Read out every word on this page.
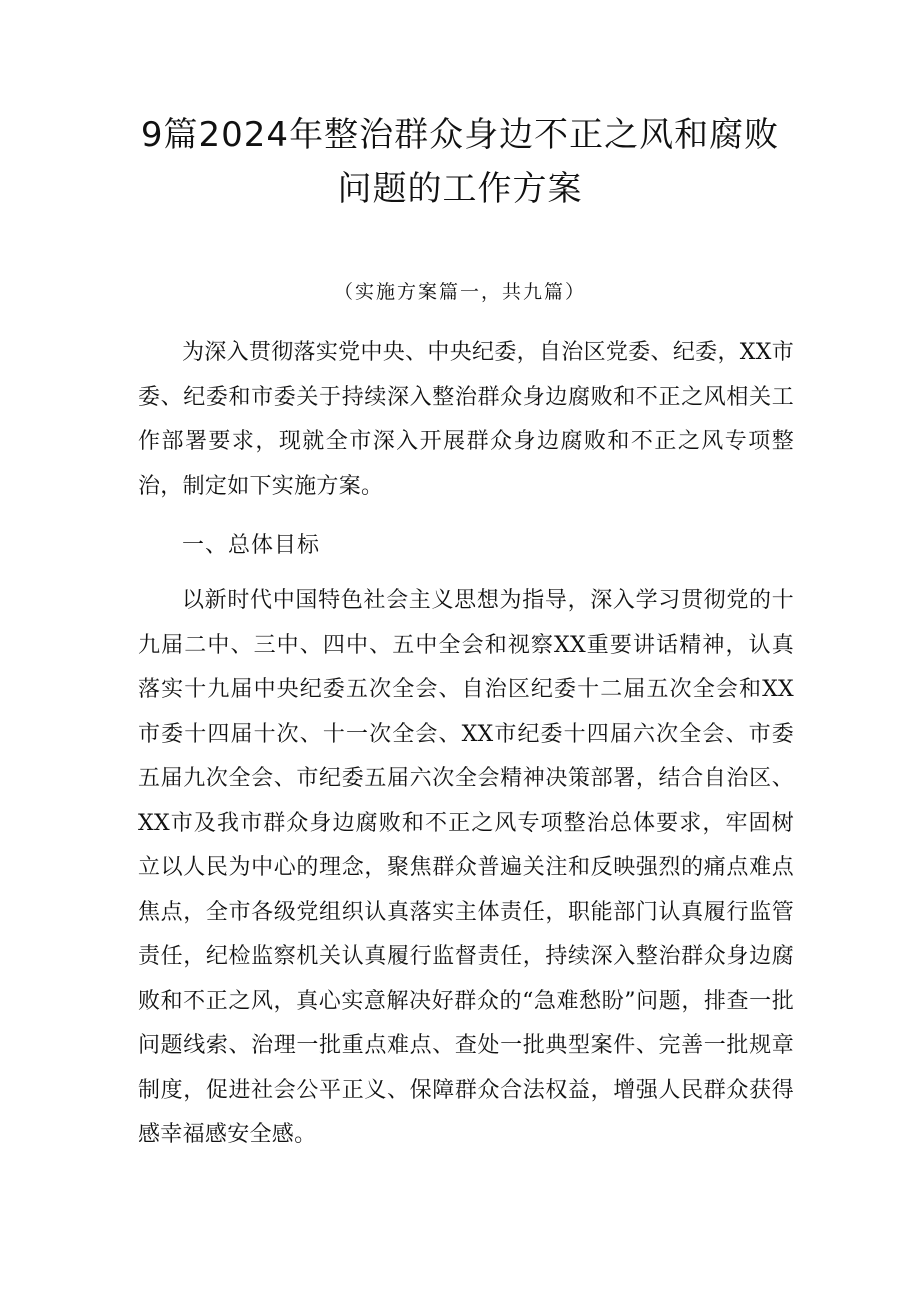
9篇2024年整治群众身边不正之风和腐败
问题的工作方案
（实施方案篇一，共九篇）

为深入贯彻落实党中央、中央纪委，自治区党委、纪委，XX市委、纪委和市委关于持续深入整治群众身边腐败和不正之风相关工作部署要求，现就全市深入开展群众身边腐败和不正之风专项整治，制定如下实施方案。

一、总体目标

以新时代中国特色社会主义思想为指导，深入学习贯彻党的十九届二中、三中、四中、五中全会和视察XX重要讲话精神，认真落实十九届中央纪委五次全会、自治区纪委十二届五次全会和XX市委十四届十次、十一次全会、XX市纪委十四届六次全会、市委五届九次全会、市纪委五届六次全会精神决策部署，结合自治区、XX市及我市群众身边腐败和不正之风专项整治总体要求，牢固树立以人民为中心的理念，聚焦群众普遍关注和反映强烈的痛点难点焦点，全市各级党组织认真落实主体责任，职能部门认真履行监管责任，纪检监察机关认真履行监督责任，持续深入整治群众身边腐败和不正之风，真心实意解决好群众的“急难愁盼”问题，排查一批问题线索、治理一批重点难点、查处一批典型案件、完善一批规章制度，促进社会公平正义、保障群众合法权益，增强人民群众获得感幸福感安全感。
